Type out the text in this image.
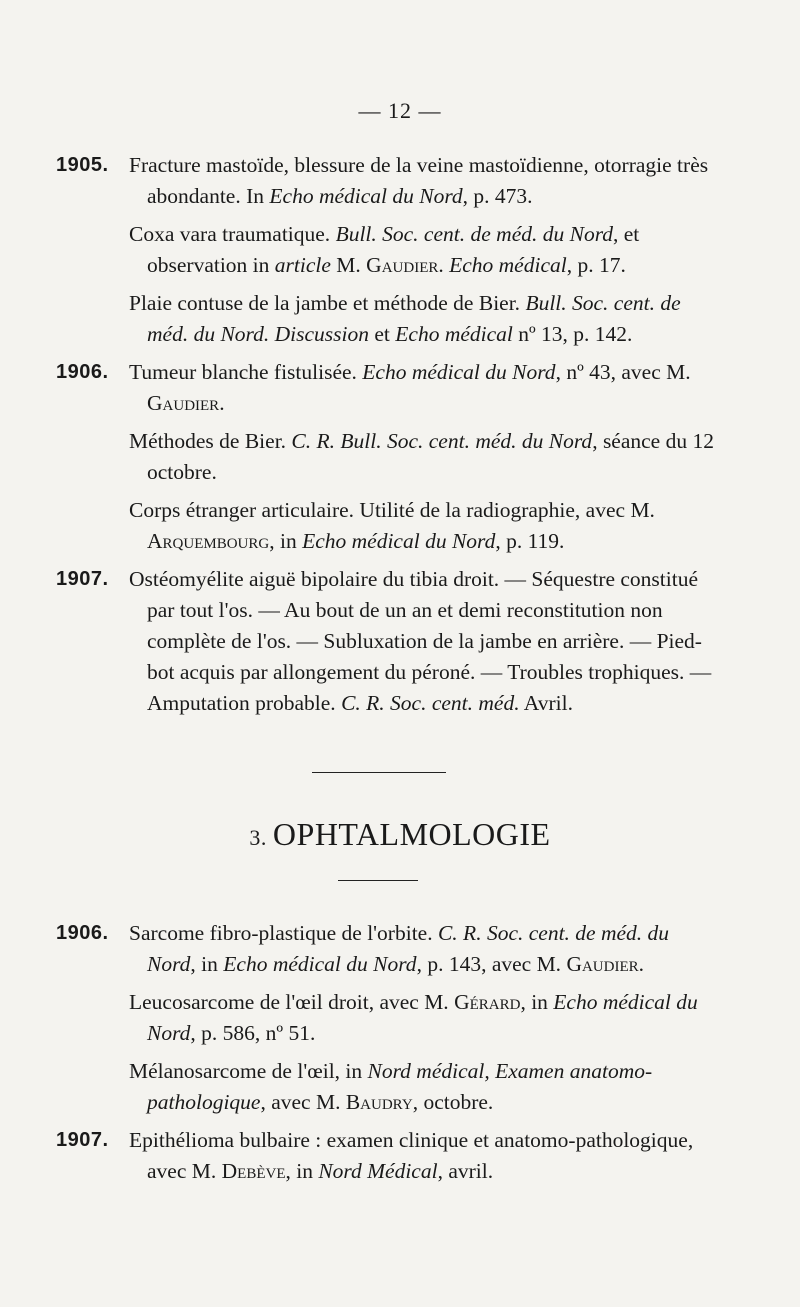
— 12 —
1905. Fracture mastoïde, blessure de la veine mastoïdienne, otorragie très abondante. In Echo médical du Nord, p. 473.
Coxa vara traumatique. Bull. Soc. cent. de méd. du Nord, et observation in article M. Gaudier. Echo médical, p. 17.
Plaie contuse de la jambe et méthode de Bier. Bull. Soc. cent. de méd. du Nord. Discussion et Echo médical nº 13, p. 142.
1906. Tumeur blanche fistulisée. Echo médical du Nord, nº 43, avec M. Gaudier.
Méthodes de Bier. C. R. Bull. Soc. cent. méd. du Nord, séance du 12 octobre.
Corps étranger articulaire. Utilité de la radiographie, avec M. Arquembourg, in Echo médical du Nord, p. 119.
1907. Ostéomyélite aiguë bipolaire du tibia droit. — Séquestre constitué par tout l'os. — Au bout de un an et demi reconstitution non complète de l'os. — Subluxation de la jambe en arrière. — Pied-bot acquis par allongement du péroné. — Troubles trophiques. — Amputation probable. C. R. Soc. cent. méd. Avril.
3. OPHTALMOLOGIE
1906. Sarcome fibro-plastique de l'orbite. C. R. Soc. cent. de méd. du Nord, in Echo médical du Nord, p. 143, avec M. Gaudier.
Leucosarcome de l'œil droit, avec M. Gérard, in Echo médical du Nord, p. 586, nº 51.
Mélanosarcome de l'œil, in Nord médical, Examen anatomo-pathologique, avec M. Baudry, octobre.
1907. Epithélioma bulbaire : examen clinique et anatomo-pathologique, avec M. Debève, in Nord Médical, avril.
